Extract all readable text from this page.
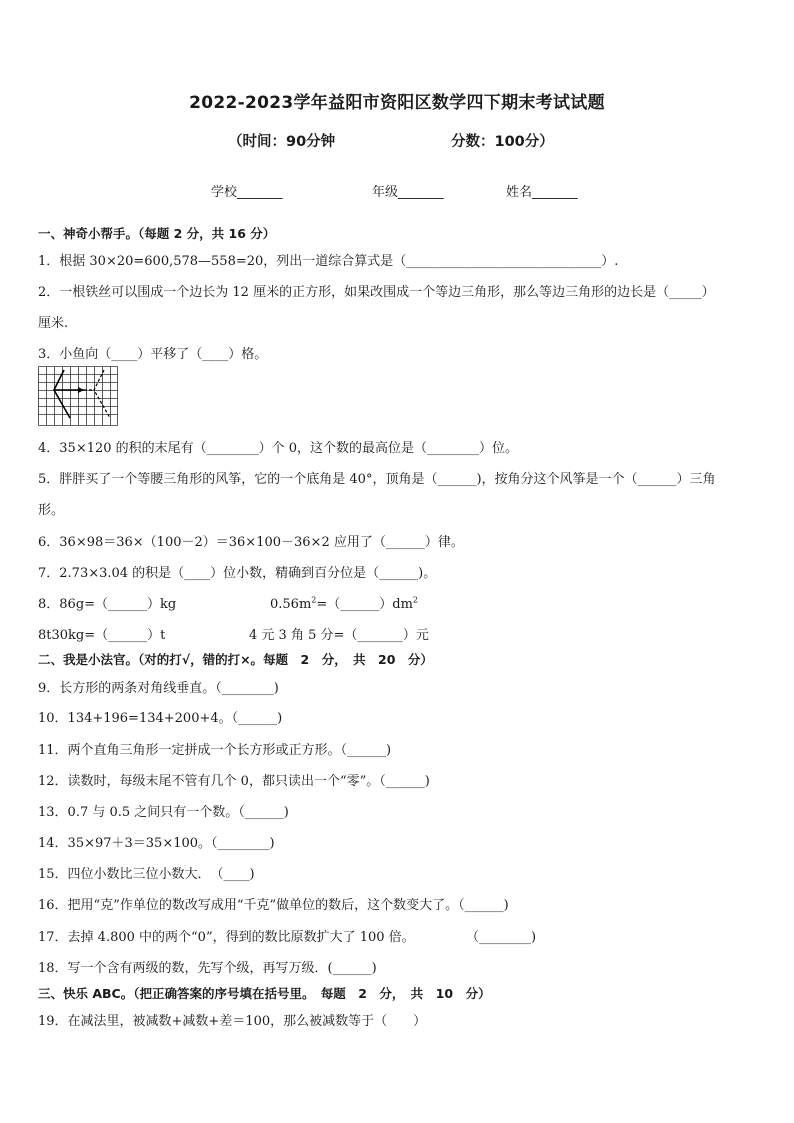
2022-2023学年益阳市资阳区数学四下期末考试试题
（时间：90分钟	分数：100分）
学校_______	年级_______	姓名_______
一、神奇小帮手。（每题 2 分，共 16 分）
1．根据 30×20=600,578—558=20，列出一道综合算式是（______________________________）.
2．一根铁丝可以围成一个边长为 12 厘米的正方形，如果改围成一个等边三角形，那么等边三角形的边长是（_____）
厘米.
3．小鱼向（____）平移了（____）格。
4．35×120 的积的末尾有（________）个 0，这个数的最高位是（________）位。
5．胖胖买了一个等腰三角形的风筝，它的一个底角是 40°，顶角是（______)，按角分这个风筝是一个（______）三角
形。
6．36×98＝36×（100－2）＝36×100－36×2 应用了（______）律。
7．2.73×3.04 的积是（____）位小数，精确到百分位是（______)。
8．86g=（______）kg	$0.56m^2=(\_\_\_\_\_\_)dm^2$
8t30kg=（______）t	4 元 3 角 5 分=（_______）元
二、我是小法官。（对的打√，错的打×。每题　2　分，　共　20　分）
9．长方形的两条对角线垂直。（________)
10．134+196=134+200+4。（______)
11．两个直角三角形一定拼成一个长方形或正方形。（______)
12．读数时，每级末尾不管有几个 0，都只读出一个“零”。（______)
13．0.7 与 0.5 之间只有一个数。（______)
14．35×97＋3＝35×100。（________)
15．四位小数比三位小数大．　（____)
16．把用“克”作单位的数改写成用“千克”做单位的数后，这个数变大了。（______)
17．去掉 4.800 中的两个“0”，得到的数比原数扩大了 100 倍。	（________)
18．写一个含有两级的数，先写个级，再写万级．(______)
三、快乐 ABC。（把正确答案的序号填在括号里。　每题　2　分，　共　10　分）
19．在减法里，被减数+减数+差＝100，那么被减数等于（　　）
